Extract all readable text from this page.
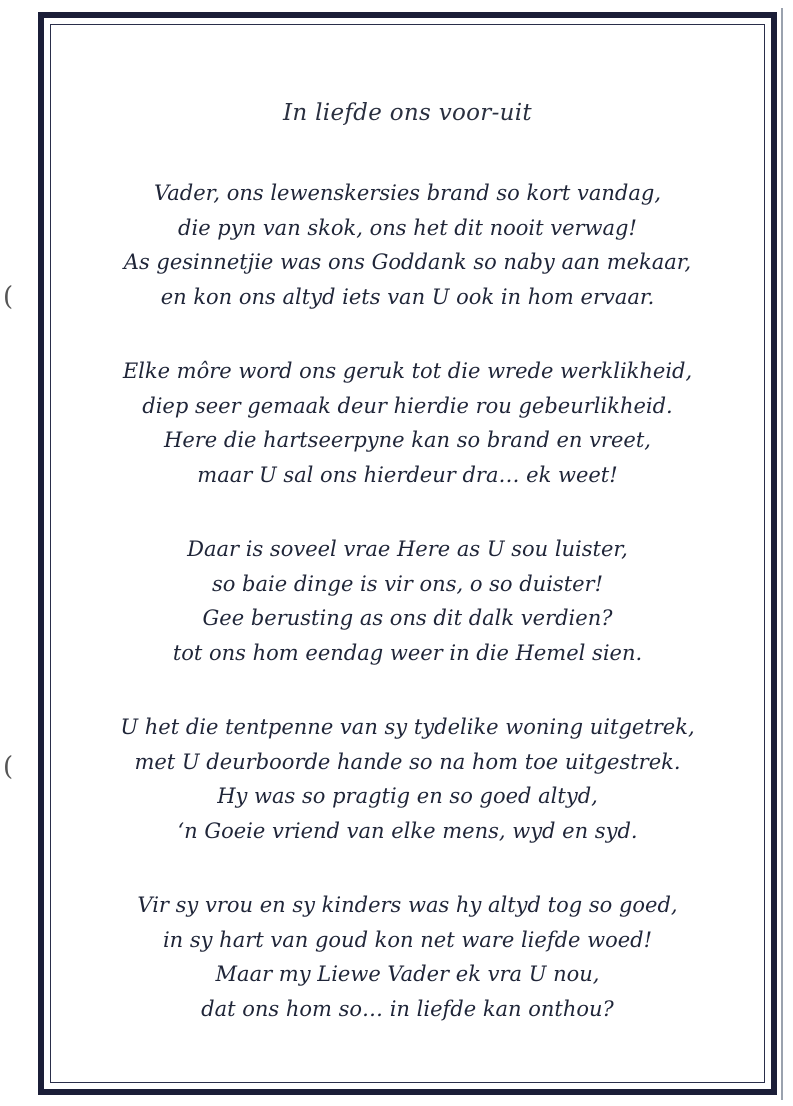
(
(
In liefde ons voor-uit
Vader, ons lewenskersies brand so kort vandag,
die pyn van skok, ons het dit nooit verwag!
As gesinnetjie was ons Goddank so naby aan mekaar,
en kon ons altyd iets van U ook in hom ervaar.
Elke môre word ons geruk tot die wrede werklikheid,
diep seer gemaak deur hierdie rou gebeurlikheid.
Here die hartseerpyne kan so brand en vreet,
maar U sal ons hierdeur dra… ek weet!
Daar is soveel vrae Here as U sou luister,
so baie dinge is vir ons, o so duister!
Gee berusting as ons dit dalk verdien?
tot ons hom eendag weer in die Hemel sien.
U het die tentpenne van sy tydelike woning uitgetrek,
met U deurboorde hande so na hom toe uitgestrek.
Hy was so pragtig en so goed altyd,
‘n Goeie vriend van elke mens, wyd en syd.
Vir sy vrou en sy kinders was hy altyd tog so goed,
in sy hart van goud kon net ware liefde woed!
Maar my Liewe Vader ek vra U nou,
dat ons hom so… in liefde kan onthou?
